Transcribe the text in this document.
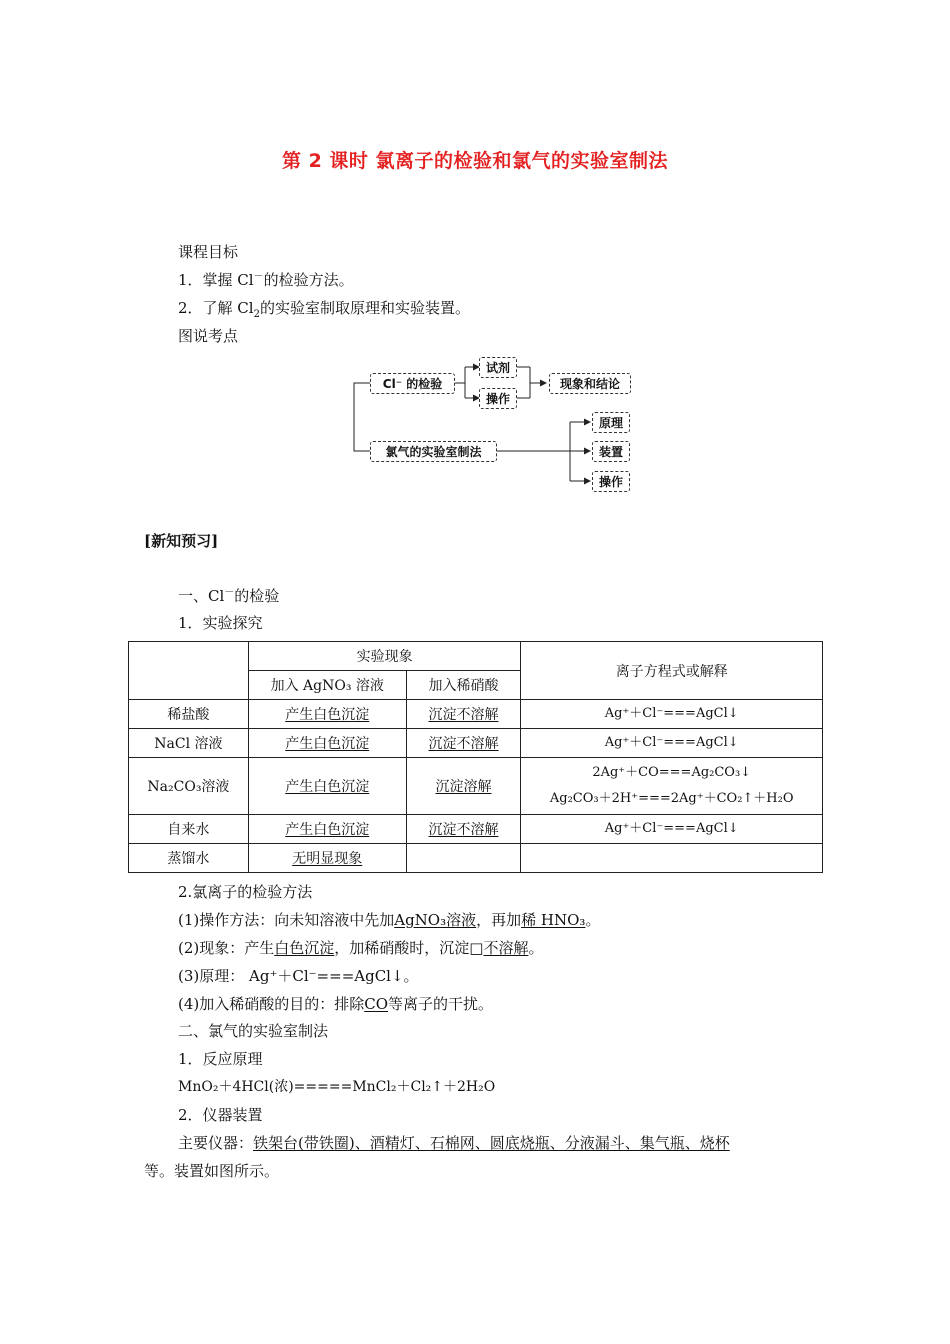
第 2 课时 氯离子的检验和氯气的实验室制法
课程目标
1．掌握 Cl－的检验方法。
2．了解 $Cl_2$的实验室制取原理和实验装置。
图说考点
Cl⁻ 的检验
试剂
操作
现象和结论
氯气的实验室制法
原理
装置
操作
[新知预习]
一、Cl－的检验
1．实验探究
	实验现象		离子方程式或解释
	加入 AgNO₃ 溶液	加入稀硝酸	
稀盐酸	产生白色沉淀	沉淀不溶解	Ag⁺＋Cl⁻===AgCl↓
NaCl 溶液	产生白色沉淀	沉淀不溶解	Ag⁺＋Cl⁻===AgCl↓
Na₂CO₃溶液	产生白色沉淀	沉淀溶解	2Ag⁺＋CO===Ag₂CO₃↓
Ag₂CO₃＋2H⁺===2Ag⁺＋CO₂↑＋H₂O

自来水	产生白色沉淀	沉淀不溶解	Ag⁺＋Cl⁻===AgCl↓
蒸馏水	无明显现象		
2.氯离子的检验方法
(1)操作方法：向未知溶液中先加AgNO₃溶液，再加稀 HNO₃。
(2)现象：产生白色沉淀，加稀硝酸时，沉淀□不溶解。
(3)原理： Ag⁺＋Cl⁻===AgCl↓。
(4)加入稀硝酸的目的：排除CO等离子的干扰。
二、氯气的实验室制法
1．反应原理
MnO₂＋4HCl(浓)=====MnCl₂＋Cl₂↑＋2H₂O
2．仪器装置
主要仪器：铁架台(带铁圈)、酒精灯、石棉网、圆底烧瓶、分液漏斗、集气瓶、烧杯
等。装置如图所示。
